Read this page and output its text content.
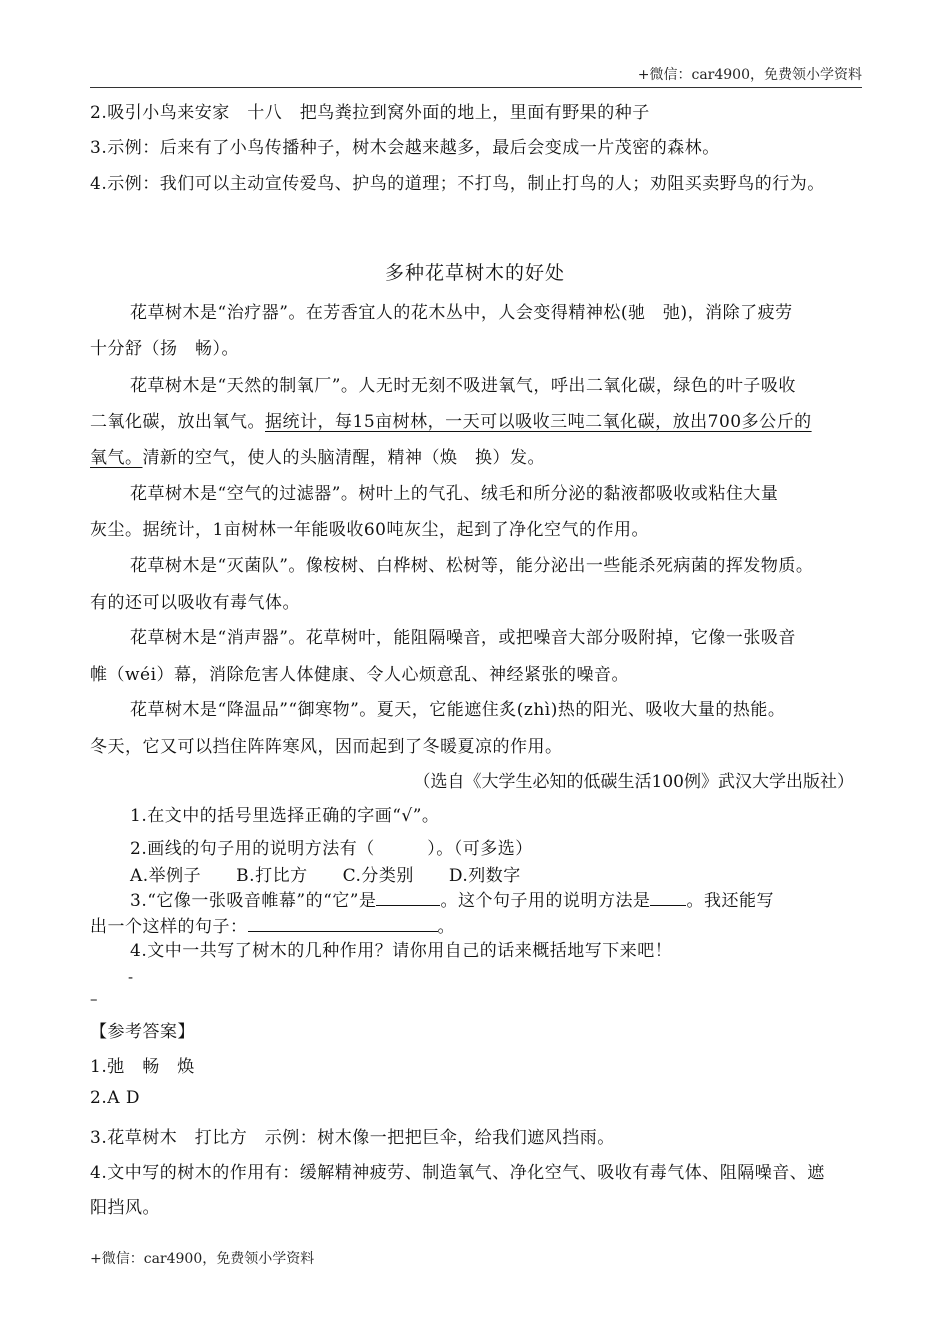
+微信：car4900，免费领小学资料
2.吸引小鸟来安家　十八　把鸟粪拉到窝外面的地上，里面有野果的种子
3.示例：后来有了小鸟传播种子，树木会越来越多，最后会变成一片茂密的森林。
4.示例：我们可以主动宣传爱鸟、护鸟的道理；不打鸟，制止打鸟的人；劝阻买卖野鸟的行为。
多种花草树木的好处
花草树木是“治疗器”。在芳香宜人的花木丛中，人会变得精神松(驰　弛)，消除了疲劳
十分舒（扬　畅）。
花草树木是“天然的制氧厂”。人无时无刻不吸进氧气，呼出二氧化碳，绿色的叶子吸收
二氧化碳，放出氧气。据统计，每15亩树林，一天可以吸收三吨二氧化碳，放出700多公斤的
氧气。清新的空气，使人的头脑清醒，精神（焕　换）发。
花草树木是“空气的过滤器”。树叶上的气孔、绒毛和所分泌的黏液都吸收或粘住大量
灰尘。据统计，1亩树林一年能吸收60吨灰尘，起到了净化空气的作用。
花草树木是“灭菌队”。像桉树、白桦树、松树等，能分泌出一些能杀死病菌的挥发物质。
有的还可以吸收有毒气体。
花草树木是“消声器”。花草树叶，能阻隔噪音，或把噪音大部分吸附掉，它像一张吸音
帷（wéi）幕，消除危害人体健康、令人心烦意乱、神经紧张的噪音。
花草树木是“降温品”“御寒物”。夏天，它能遮住炙(zhì)热的阳光、吸收大量的热能。
冬天，它又可以挡住阵阵寒风，因而起到了冬暖夏凉的作用。
（选自《大学生必知的低碳生活100例》武汉大学出版社）
1.在文中的括号里选择正确的字画“√”。
2.画线的句子用的说明方法有（　　　）。（可多选）
A.举例子　　B.打比方　　C.分类别　　D.列数字
3.“它像一张吸音帷幕”的“它”是	。这个句子用的说明方法是 。我还能写
出一个这样的句子：	。
4.文中一共写了树木的几种作用？请你用自己的话来概括地写下来吧！
-
–
【参考答案】
1.弛　畅　焕
2.A D
3.花草树木　打比方　示例：树木像一把把巨伞，给我们遮风挡雨。
4.文中写的树木的作用有：缓解精神疲劳、制造氧气、净化空气、吸收有毒气体、阻隔噪音、遮
阳挡风。
+微信：car4900，免费领小学资料
